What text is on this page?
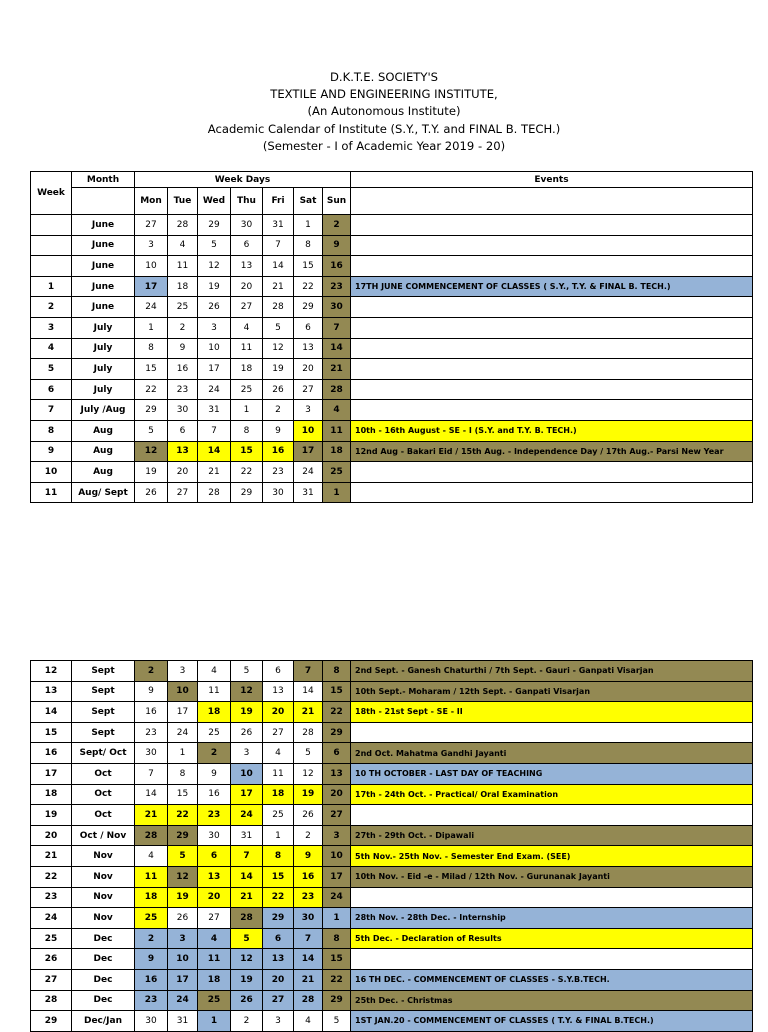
D.K.T.E. SOCIETY'S
TEXTILE AND ENGINEERING INSTITUTE,
(An Autonomous Institute)
Academic Calendar of Institute (S.Y., T.Y. and FINAL B. TECH.)
(Semester - I of Academic Year 2019 - 20)
Week	Month	Week Days							Events
		Mon	Tue	Wed	Thu	Fri	Sat	Sun	
	June	27	28	29	30	31	1	2	
	June	3	4	5	6	7	8	9	
	June	10	11	12	13	14	15	16	
1	June	17	18	19	20	21	22	23	17TH JUNE COMMENCEMENT OF CLASSES ( S.Y., T.Y. & FINAL B. TECH.)
2	June	24	25	26	27	28	29	30	
3	July	1	2	3	4	5	6	7	
4	July	8	9	10	11	12	13	14	
5	July	15	16	17	18	19	20	21	
6	July	22	23	24	25	26	27	28	
7	July /Aug	29	30	31	1	2	3	4	
8	Aug	5	6	7	8	9	10	11	10th - 16th August - SE - I (S.Y. and T.Y. B. TECH.)
9	Aug	12	13	14	15	16	17	18	12nd Aug - Bakari Eid / 15th Aug. - Independence Day / 17th Aug.- Parsi New Year
10	Aug	19	20	21	22	23	24	25	
11	Aug/ Sept	26	27	28	29	30	31	1	
12	Sept	2	3	4	5	6	7	8	2nd Sept. - Ganesh Chaturthi / 7th Sept. - Gauri - Ganpati Visarjan
13	Sept	9	10	11	12	13	14	15	10th Sept.- Moharam / 12th Sept. - Ganpati Visarjan
14	Sept	16	17	18	19	20	21	22	18th - 21st Sept - SE - II
15	Sept	23	24	25	26	27	28	29	
16	Sept/ Oct	30	1	2	3	4	5	6	2nd Oct. Mahatma Gandhi Jayanti
17	Oct	7	8	9	10	11	12	13	10 TH OCTOBER - LAST DAY OF TEACHING
18	Oct	14	15	16	17	18	19	20	17th - 24th Oct. - Practical/ Oral Examination
19	Oct	21	22	23	24	25	26	27	
20	Oct / Nov	28	29	30	31	1	2	3	27th - 29th Oct. - Dipawali
21	Nov	4	5	6	7	8	9	10	5th Nov.- 25th Nov. - Semester End Exam. (SEE)
22	Nov	11	12	13	14	15	16	17	10th Nov. - Eid -e - Milad / 12th Nov. - Gurunanak Jayanti
23	Nov	18	19	20	21	22	23	24	
24	Nov	25	26	27	28	29	30	1	28th Nov. - 28th Dec. - Internship
25	Dec	2	3	4	5	6	7	8	5th Dec. - Declaration of Results
26	Dec	9	10	11	12	13	14	15	
27	Dec	16	17	18	19	20	21	22	16 TH DEC. - COMMENCEMENT OF CLASSES - S.Y.B.TECH.
28	Dec	23	24	25	26	27	28	29	25th Dec. - Christmas
29	Dec/Jan	30	31	1	2	3	4	5	1ST JAN.20 - COMMENCEMENT OF CLASSES ( T.Y. & FINAL B.TECH.)
